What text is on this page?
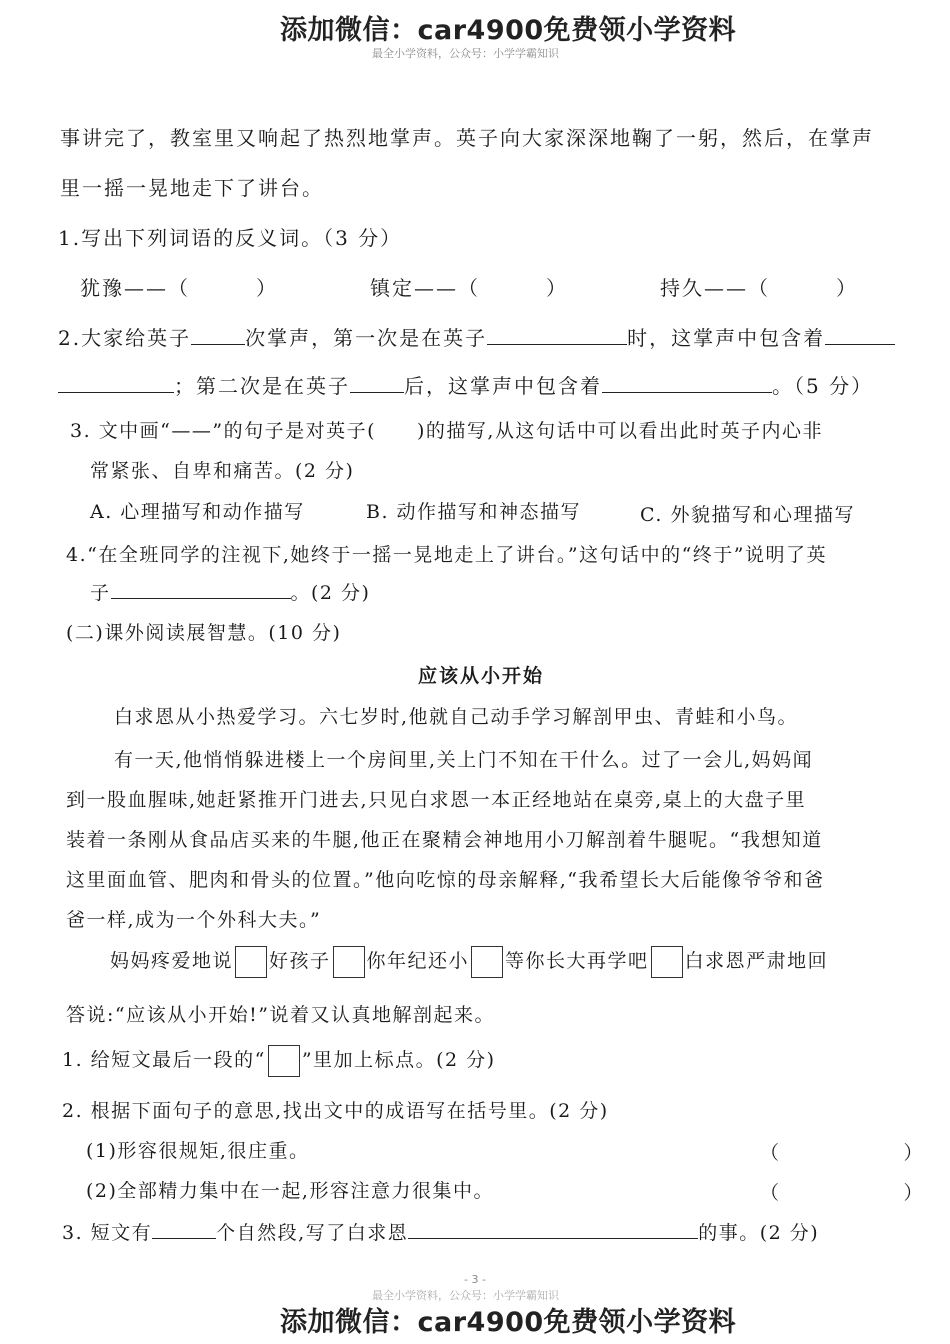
添加微信：car4900免费领小学资料
最全小学资料，公众号：小学学霸知识
事讲完了，教室里又响起了热烈地掌声。英子向大家深深地鞠了一躬，然后，在掌声
里一摇一晃地走下了讲台。
1.写出下列词语的反义词。（3 分）
犹豫——（　　　）	镇定——（　　　）	持久——（　　　）
2.大家给英子	次掌声，第一次是在英子	时，这掌声中包含着
；第二次是在英子	后，这掌声中包含着	。（5 分）
3. 文中画“——”的句子是对英子(　　)的描写,从这句话中可以看出此时英子内心非
常紧张、自卑和痛苦。(2 分)
A. 心理描写和动作描写	B. 动作描写和神态描写	C. 外貌描写和心理描写
4.“在全班同学的注视下,她终于一摇一晃地走上了讲台。”这句话中的“终于”说明了英
子	。(2 分)
(二)课外阅读展智慧。(10 分)
应该从小开始
白求恩从小热爱学习。六七岁时,他就自己动手学习解剖甲虫、青蛙和小鸟。
有一天,他悄悄躲进楼上一个房间里,关上门不知在干什么。过了一会儿,妈妈闻
到一股血腥味,她赶紧推开门进去,只见白求恩一本正经地站在桌旁,桌上的大盘子里
装着一条刚从食品店买来的牛腿,他正在聚精会神地用小刀解剖着牛腿呢。“我想知道
这里面血管、肥肉和骨头的位置。”他向吃惊的母亲解释,“我希望长大后能像爷爷和爸
爸一样,成为一个外科大夫。”
妈妈疼爱地说 好孩子 你年纪还小 等你长大再学吧 白求恩严肃地回
答说:“应该从小开始!”说着又认真地解剖起来。
1. 给短文最后一段的“ ”里加上标点。(2 分)
2. 根据下面句子的意思,找出文中的成语写在括号里。(2 分)
(1)形容很规矩,很庄重。	（　　　　　　）
(2)全部精力集中在一起,形容注意力很集中。	（　　　　　　）
3. 短文有	个自然段,写了白求恩	的事。(2 分)
- 3 -
最全小学资料，公众号：小学学霸知识
添加微信：car4900免费领小学资料
